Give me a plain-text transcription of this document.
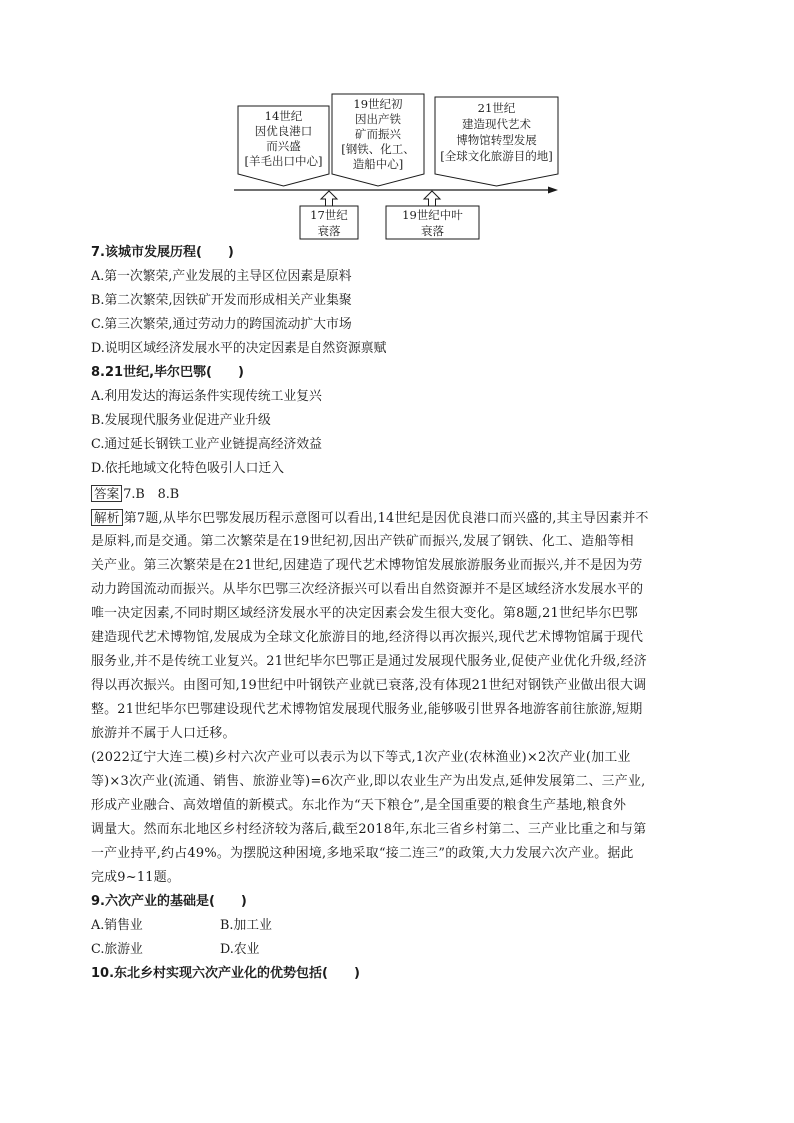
14世纪
因优良港口
而兴盛
[羊毛出口中心]
19世纪初
因出产铁
矿而振兴
[钢铁、化工、
造船中心]
21世纪
建造现代艺术
博物馆转型发展
[全球文化旅游目的地]
17世纪
衰落
19世纪中叶
衰落
7.该城市发展历程(　　)
A.第一次繁荣,产业发展的主导区位因素是原料
B.第二次繁荣,因铁矿开发而形成相关产业集聚
C.第三次繁荣,通过劳动力的跨国流动扩大市场
D.说明区域经济发展水平的决定因素是自然资源禀赋
8.21世纪,毕尔巴鄂(　　)
A.利用发达的海运条件实现传统工业复兴
B.发展现代服务业促进产业升级
C.通过延长钢铁工业产业链提高经济效益
D.依托地域文化特色吸引人口迁入
答案 7.B　8.B
解析 第7题,从毕尔巴鄂发展历程示意图可以看出,14世纪是因优良港口而兴盛的,其主导因素并不
是原料,而是交通。第二次繁荣是在19世纪初,因出产铁矿而振兴,发展了钢铁、化工、造船等相
关产业。第三次繁荣是在21世纪,因建造了现代艺术博物馆发展旅游服务业而振兴,并不是因为劳
动力跨国流动而振兴。从毕尔巴鄂三次经济振兴可以看出自然资源并不是区域经济水发展水平的
唯一决定因素,不同时期区域经济发展水平的决定因素会发生很大变化。第8题,21世纪毕尔巴鄂
建造现代艺术博物馆,发展成为全球文化旅游目的地,经济得以再次振兴,现代艺术博物馆属于现代
服务业,并不是传统工业复兴。21世纪毕尔巴鄂正是通过发展现代服务业,促使产业优化升级,经济
得以再次振兴。由图可知,19世纪中叶钢铁产业就已衰落,没有体现21世纪对钢铁产业做出很大调
整。21世纪毕尔巴鄂建设现代艺术博物馆发展现代服务业,能够吸引世界各地游客前往旅游,短期
旅游并不属于人口迁移。
(2022辽宁大连二模)乡村六次产业可以表示为以下等式,1次产业(农林渔业)×2次产业(加工业
等)×3次产业(流通、销售、旅游业等)=6次产业,即以农业生产为出发点,延伸发展第二、三产业,
形成产业融合、高效增值的新模式。东北作为“天下粮仓”,是全国重要的粮食生产基地,粮食外
调量大。然而东北地区乡村经济较为落后,截至2018年,东北三省乡村第二、三产业比重之和与第
一产业持平,约占49%。为摆脱这种困境,多地采取“接二连三”的政策,大力发展六次产业。据此
完成9~11题。
9.六次产业的基础是(　　)
A.销售业	B.加工业
C.旅游业	D.农业
10.东北乡村实现六次产业化的优势包括(　　)
